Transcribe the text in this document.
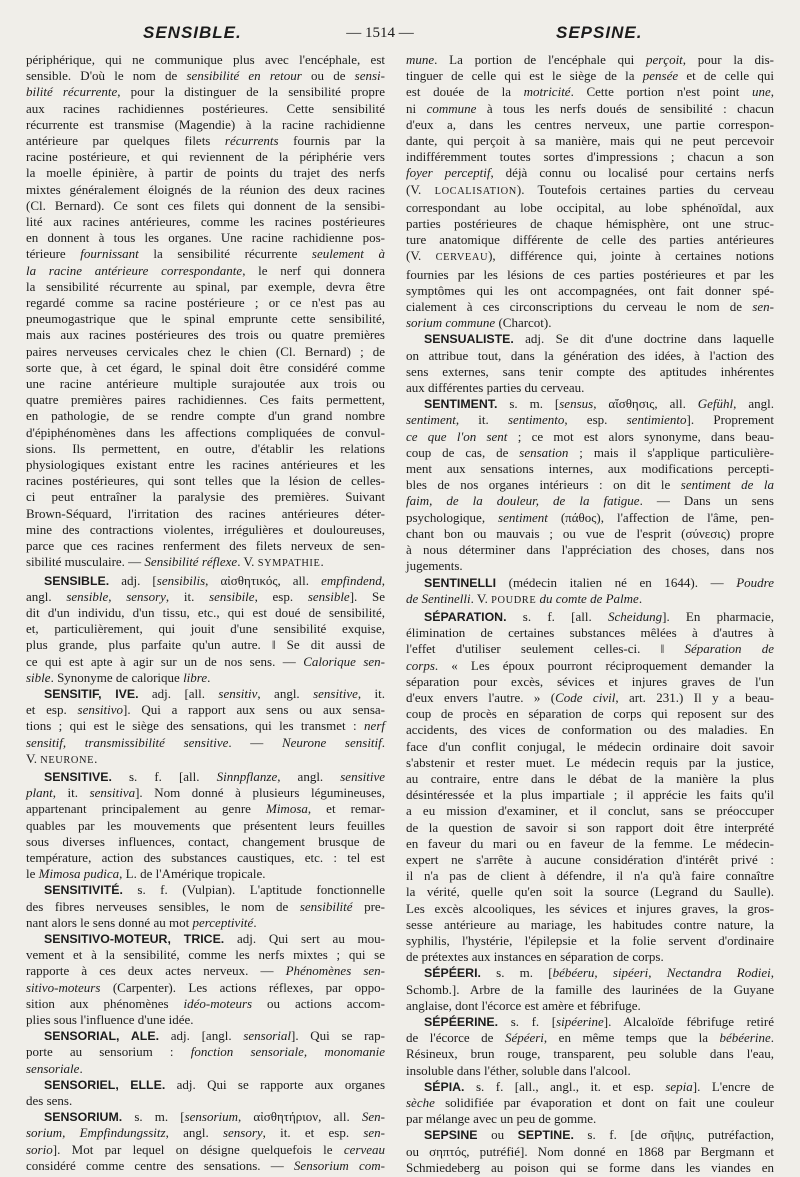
SENSIBLE.	— 1514 —	SEPSINE.
périphérique, qui ne communique plus avec l'encéphale, est
sensible. D'où le nom de sensibilité en retour ou de sensi-
bilité récurrente, pour la distinguer de la sensibilité propre
aux racines rachidiennes postérieures. Cette sensibilité
récurrente est transmise (Magendie) à la racine rachidienne
antérieure par quelques filets récurrents fournis par la
racine postérieure, et qui reviennent de la périphérie vers
la moelle épinière, à partir de points du trajet des nerfs
mixtes généralement éloignés de la réunion des deux racines
(Cl. Bernard). Ce sont ces filets qui donnent de la sensibi-
lité aux racines antérieures, comme les racines postérieures
en donnent à tous les organes. Une racine rachidienne pos-
térieure fournissant la sensibilité récurrente seulement à
la racine antérieure correspondante, le nerf qui donnera
la sensibilité récurrente au spinal, par exemple, devra être
regardé comme sa racine postérieure ; or ce n'est pas au
pneumogastrique que le spinal emprunte cette sensibilité,
mais aux racines postérieures des trois ou quatre premières
paires nerveuses cervicales chez le chien (Cl. Bernard) ; de
sorte que, à cet égard, le spinal doit être considéré comme
une racine antérieure multiple surajoutée aux trois ou
quatre premières paires rachidiennes. Ces faits permettent,
en pathologie, de se rendre compte d'un grand nombre
d'épiphénomènes dans les affections compliquées de convul-
sions. Ils permettent, en outre, d'établir les relations
physiologiques existant entre les racines antérieures et les
racines postérieures, qui sont telles que la lésion de celles-
ci peut entraîner la paralysie des premières. Suivant
Brown-Séquard, l'irritation des racines antérieures déter-
mine des contractions violentes, irrégulières et douloureuses,
parce que ces racines renferment des filets nerveux de sen-
sibilité musculaire. — Sensibilité réflexe. V. SYMPATHIE.
SENSIBLE. adj. [sensibilis, αἰσθητικός, all. empfindend,
angl. sensible, sensory, it. sensibile, esp. sensible]. Se
dit d'un individu, d'un tissu, etc., qui est doué de sensibilité,
et, particulièrement, qui jouit d'une sensibilité exquise,
plus grande, plus parfaite qu'un autre. ‖ Se dit aussi de
ce qui est apte à agir sur un de nos sens. — Calorique sen-
sible. Synonyme de calorique libre.
SENSITIF, IVE. adj. [all. sensitiv, angl. sensitive, it.
et esp. sensitivo]. Qui a rapport aux sens ou aux sensa-
tions ; qui est le siège des sensations, qui les transmet : nerf
sensitif, transmissibilité sensitive. — Neurone sensitif.
V. NEURONE.
SENSITIVE. s. f. [all. Sinnpflanze, angl. sensitive
plant, it. sensitiva]. Nom donné à plusieurs légumineuses,
appartenant principalement au genre Mimosa, et remar-
quables par les mouvements que présentent leurs feuilles
sous diverses influences, contact, changement brusque de
température, action des substances caustiques, etc. : tel est
le Mimosa pudica, L. de l'Amérique tropicale.
SENSITIVITÉ. s. f. (Vulpian). L'aptitude fonctionnelle
des fibres nerveuses sensibles, le nom de sensibilité pre-
nant alors le sens donné au mot perceptivité.
SENSITIVO-MOTEUR, TRICE. adj. Qui sert au mou-
vement et à la sensibilité, comme les nerfs mixtes ; qui se
rapporte à ces deux actes nerveux. — Phénomènes sen-
sitivo-moteurs (Carpenter). Les actions réflexes, par oppo-
sition aux phénomènes idéo-moteurs ou actions accom-
plies sous l'influence d'une idée.
SENSORIAL, ALE. adj. [angl. sensorial]. Qui se rap-
porte au sensorium : fonction sensoriale, monomanie
sensoriale.
SENSORIEL, ELLE. adj. Qui se rapporte aux organes
des sens.
SENSORIUM. s. m. [sensorium, αἰσθητήριον, all. Sen-
sorium, Empfindungssitz, angl. sensory, it. et esp. sen-
sorio]. Mot par lequel on désigne quelquefois le cerveau
considéré comme centre des sensations. — Sensorium com-
mune. La portion de l'encéphale qui perçoit, pour la dis-
tinguer de celle qui est le siège de la pensée et de celle qui
est douée de la motricité. Cette portion n'est point une,
ni commune à tous les nerfs doués de sensibilité : chacun
d'eux a, dans les centres nerveux, une partie correspon-
dante, qui perçoit à sa manière, mais qui ne peut percevoir
indifféremment toutes sortes d'impressions ; chacun a son
foyer perceptif, déjà connu ou localisé pour certains nerfs
(V. LOCALISATION). Toutefois certaines parties du cerveau
correspondant au lobe occipital, au lobe sphénoïdal, aux
parties postérieures de chaque hémisphère, ont une struc-
ture anatomique différente de celle des parties antérieures
(V. CERVEAU), différence qui, jointe à certaines notions
fournies par les lésions de ces parties postérieures et par les
symptômes qui les ont accompagnées, ont fait donner spé-
cialement à ces circonscriptions du cerveau le nom de sen-
sorium commune (Charcot).
SENSUALISTE. adj. Se dit d'une doctrine dans laquelle
on attribue tout, dans la génération des idées, à l'action des
sens externes, sans tenir compte des aptitudes inhérentes
aux différentes parties du cerveau.
SENTIMENT. s. m. [sensus, αἴσθησις, all. Gefühl, angl.
sentiment, it. sentimento, esp. sentimiento]. Proprement
ce que l'on sent ; ce mot est alors synonyme, dans beau-
coup de cas, de sensation ; mais il s'applique particulière-
ment aux sensations internes, aux modifications percepti-
bles de nos organes intérieurs : on dit le sentiment de la
faim, de la douleur, de la fatigue. — Dans un sens
psychologique, sentiment (πάθος), l'affection de l'âme, pen-
chant bon ou mauvais ; ou vue de l'esprit (σύνεσις) propre
à nous déterminer dans l'appréciation des choses, dans nos
jugements.
SENTINELLI (médecin italien né en 1644). — Poudre
de Sentinelli. V. POUDRE du comte de Palme.
SÉPARATION. s. f. [all. Scheidung]. En pharmacie,
élimination de certaines substances mêlées à d'autres à
l'effet d'utiliser seulement celles-ci. ‖ Séparation de
corps. « Les époux pourront réciproquement demander la
séparation pour excès, sévices et injures graves de l'un
d'eux envers l'autre. » (Code civil, art. 231.) Il y a beau-
coup de procès en séparation de corps qui reposent sur des
accidents, des vices de conformation ou des maladies. En
face d'un conflit conjugal, le médecin ordinaire doit savoir
s'abstenir et rester muet. Le médecin requis par la justice,
au contraire, entre dans le débat de la manière la plus
désintéressée et la plus impartiale ; il apprécie les faits qu'il
a eu mission d'examiner, et il conclut, sans se préoccuper
de la question de savoir si son rapport doit être interprété
en faveur du mari ou en faveur de la femme. Le médecin-
expert ne s'arrête à aucune considération d'intérêt privé :
il n'a pas de client à défendre, il n'a qu'à faire connaître
la vérité, quelle qu'en soit la source (Legrand du Saulle).
Les excès alcooliques, les sévices et injures graves, la gros-
sesse antérieure au mariage, les habitudes contre nature, la
syphilis, l'hystérie, l'épilepsie et la folie servent d'ordinaire
de prétextes aux instances en séparation de corps.
SÉPÉERI. s. m. [bébéeru, sipéeri, Nectandra Rodiei,
Schomb.]. Arbre de la famille des laurinées de la Guyane
anglaise, dont l'écorce est amère et fébrifuge.
SÉPÉERINE. s. f. [sipéerine]. Alcaloïde fébrifuge retiré
de l'écorce de Sépéeri, en même temps que la bébéerine.
Résineux, brun rouge, transparent, peu soluble dans l'eau,
insoluble dans l'éther, soluble dans l'alcool.
SÉPIA. s. f. [all., angl., it. et esp. sepia]. L'encre de
sèche solidifiée par évaporation et dont on fait une couleur
par mélange avec un peu de gomme.
SEPSINE ou SEPTINE. s. f. [de σῆψις, putréfaction,
ou σηπτός, putréfié]. Nom donné en 1868 par Bergmann et
Schmiedeberg au poison qui se forme dans les viandes en
